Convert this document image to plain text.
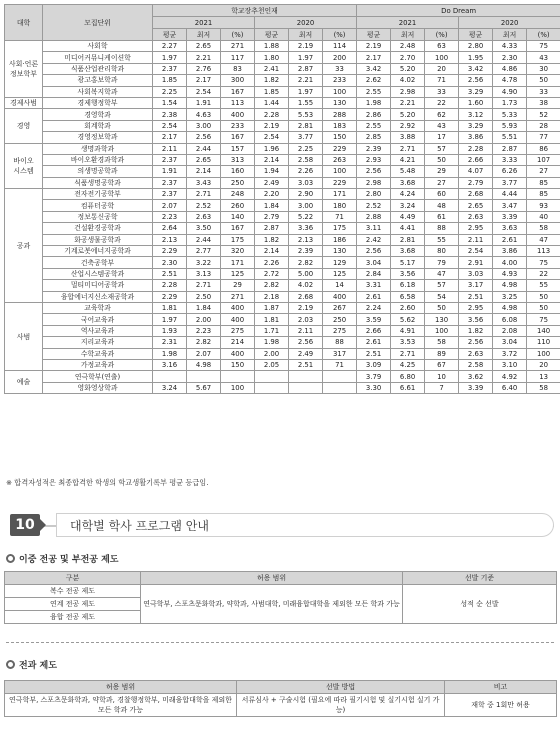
대학	모집단위	학교장추천인재						Do Dream					
		2021			2020			2021			2020		
		평균	최저	(%)	평균	최저	(%)	평균	최저	(%)	평균	최저	(%)
사회·언론
정보학부	사회학	2.27	2.65	271	1.88	2.19	114	2.19	2.48	63	2.80	4.33	75
	미디어커뮤니케이션학	1.97	2.21	117	1.80	1.97	200	2.17	2.70	100	1.95	2.30	43
	식품산업관리학과	2.37	2.76	83	2.41	2.87	33	3.42	5.20	20	3.42	4.86	30
	광고홍보학과	1.85	2.17	300	1.82	2.21	233	2.62	4.02	71	2.56	4.78	50
	사회복지학과	2.25	2.54	167	1.85	1.97	100	2.55	2.98	33	3.29	4.90	33
경제사범	경제행정학부	1.54	1.91	113	1.44	1.55	130	1.98	2.21	22	1.60	1.73	38
경영	경영학과	2.38	4.63	400	2.28	5.53	288	2.86	5.20	62	3.12	5.33	52
	회계학과	2.54	3.00	233	2.19	2.81	183	2.55	2.92	43	3.29	5.93	28
	경영정보학과	2.17	2.56	167	2.54	3.77	150	2.85	3.88	17	3.86	5.51	77
바이오
시스템	생명과학과	2.11	2.44	157	1.96	2.25	229	2.39	2.71	57	2.28	2.87	86
	바이오환경과학과	2.37	2.65	313	2.14	2.58	263	2.93	4.21	50	2.66	3.33	107
	의생명공학과	1.91	2.14	160	1.94	2.26	100	2.56	5.48	29	4.07	6.26	27
	식품생명공학과	2.37	3.43	250	2.49	3.03	229	2.98	3.68	27	2.79	3.77	85
공과	전자전기공학부	2.37	2.71	248	2.20	2.90	171	2.80	4.24	60	2.68	4.44	85
	컴퓨터공학	2.07	2.52	260	1.84	3.00	180	2.52	3.24	48	2.65	3.47	93
	정보통신공학	2.23	2.63	140	2.79	5.22	71	2.88	4.49	61	2.63	3.39	40
	건설환경공학과	2.64	3.50	167	2.87	3.36	175	3.11	4.41	88	2.95	3.63	58
	화공생물공학과	2.13	2.44	175	1.82	2.13	186	2.42	2.81	55	2.11	2.61	47
	기계로봇에너지공학과	2.29	2.77	320	2.14	2.39	130	2.56	3.68	80	2.54	3.86	113
	건축공학부	2.30	3.22	171	2.26	2.82	129	3.04	5.17	79	2.91	4.00	75
	산업시스템공학과	2.51	3.13	125	2.72	5.00	125	2.84	3.56	47	3.03	4.93	22
	멀티미디어공학과	2.28	2.71	29	2.82	4.02	14	3.31	6.18	57	3.17	4.98	55
	융합에너지신소재공학과	2.29	2.50	271	2.18	2.68	400	2.61	6.58	54	2.51	3.25	50
사범	교육학과	1.81	1.84	400	1.87	2.19	267	2.24	2.60	50	2.95	4.98	50
	국어교육과	1.97	2.00	400	1.81	2.03	250	3.59	5.62	130	3.56	6.08	75
	역사교육과	1.93	2.23	275	1.71	2.11	275	2.66	4.91	100	1.82	2.08	140
	지리교육과	2.31	2.82	214	1.98	2.56	88	2.61	3.53	58	2.56	3.04	110
	수학교육과	1.98	2.07	400	2.00	2.49	317	2.51	2.71	89	2.63	3.72	100
	가정교육과	3.16	4.98	150	2.05	2.51	71	3.09	4.25	67	2.58	3.10	20
예술	연극학부(연출)							3.79	6.80	10	3.62	4.92	13
	영화영상학과	3.24	5.67	100				3.30	6.61	7	3.39	6.40	58
※ 합격자성적은 최종합격한 학생의 학교생활기록부 평균 등급임.
10	대학별 학사 프로그램 안내
이중 전공 및 부전공 제도
구분	허용 범위	선발 기준
복수 전공 제도	연극학부, 스포츠문화학과, 약학과, 사범대학, 미래융합대학을 제외한 모든 학과 가능	성적 순 선발
연계 전공 제도		
융합 전공 제도		
전과 제도
허용 범위	선발 방법	비고
연극학부, 스포츠문화학과, 약학과, 경찰행정학부, 미래융합대학을 제외한 모든 학과 가능	서류심사 + 구술시험 (필요에 따라 필기시험 및 실기시험 실기 가능)	재학 중 1회만 허용
